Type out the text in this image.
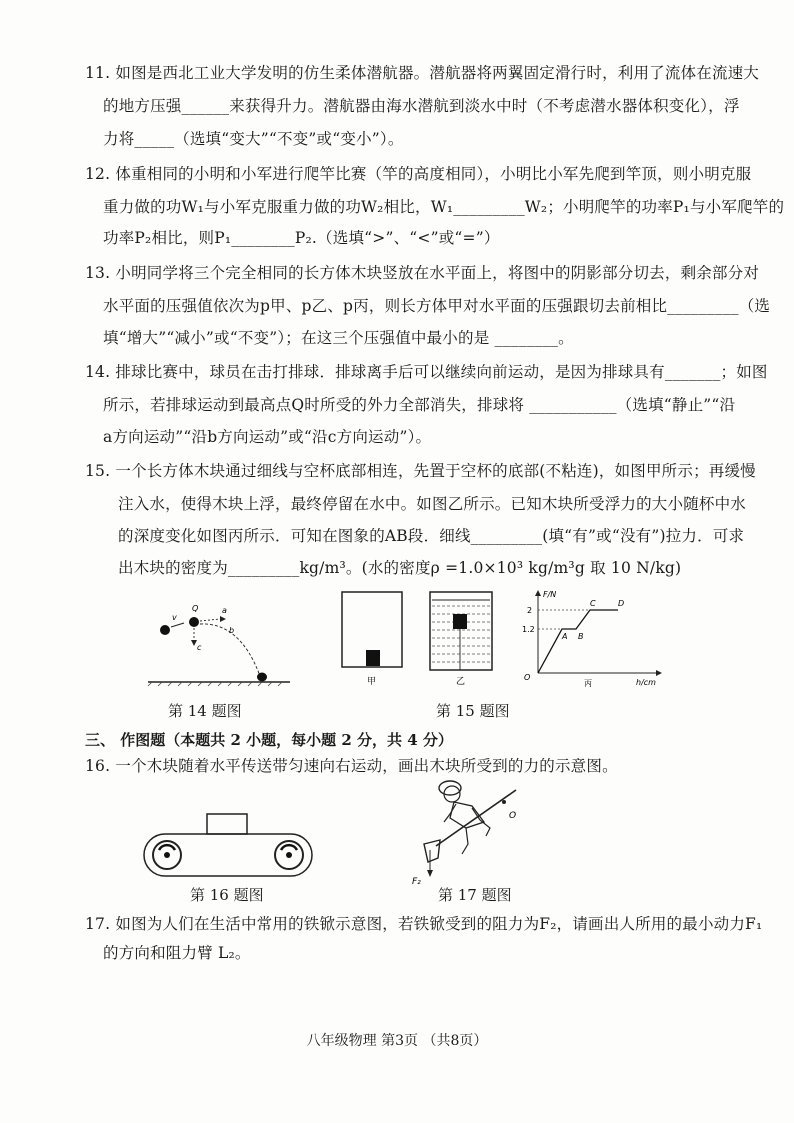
11. 如图是西北工业大学发明的仿生柔体潜航器。潜航器将两翼固定滑行时，利用了流体在流速大
的地方压强______来获得升力。潜航器由海水潜航到淡水中时（不考虑潜水器体积变化），浮
力将_____（选填“变大”“不变”或“变小”）。
12. 体重相同的小明和小军进行爬竿比赛（竿的高度相同），小明比小军先爬到竿顶，则小明克服
重力做的功W₁与小军克服重力做的功W₂相比，W₁_________W₂；小明爬竿的功率P₁与小军爬竿的
功率P₂相比，则P₁________P₂.（选填“>”、“<”或“=”）
13. 小明同学将三个完全相同的长方体木块竖放在水平面上，将图中的阴影部分切去，剩余部分对
水平面的压强值依次为p甲、p乙、p丙，则长方体甲对水平面的压强跟切去前相比_________（选
填“增大”“减小”或“不变”）；在这三个压强值中最小的是 ________。
14. 排球比赛中，球员在击打排球．排球离手后可以继续向前运动，是因为排球具有_______；如图
所示，若排球运动到最高点Q时所受的外力全部消失，排球将 ___________（选填“静止”“沿
a方向运动”“沿b方向运动”或“沿c方向运动”）。
15. 一个长方体木块通过细线与空杯底部相连，先置于空杯的底部(不粘连)，如图甲所示；再缓慢
注入水，使得木块上浮，最终停留在水中。如图乙所示。已知木块所受浮力的大小随杯中水
的深度变化如图丙所示．可知在图象的AB段．细线_________(填“有”或“没有”)拉力．可求
出木块的密度为_________kg/m³。(水的密度ρ =1.0×10³ kg/m³g 取 10 N/kg)
v
Q	a
c
b
第 14 题图
甲	乙
F/N
h/cm
O
2
1.2
A B
C	D
丙
第 15 题图
三、 作图题（本题共 2 小题，每小题 2 分，共 4 分）
16. 一个木块随着水平传送带匀速向右运动，画出木块所受到的力的示意图。
第 16 题图
O
F₂
第 17 题图
17. 如图为人们在生活中常用的铁锨示意图，若铁锨受到的阻力为F₂，请画出人所用的最小动力F₁
的方向和阻力臂 L₂。
八年级物理 第3页 （共8页）
